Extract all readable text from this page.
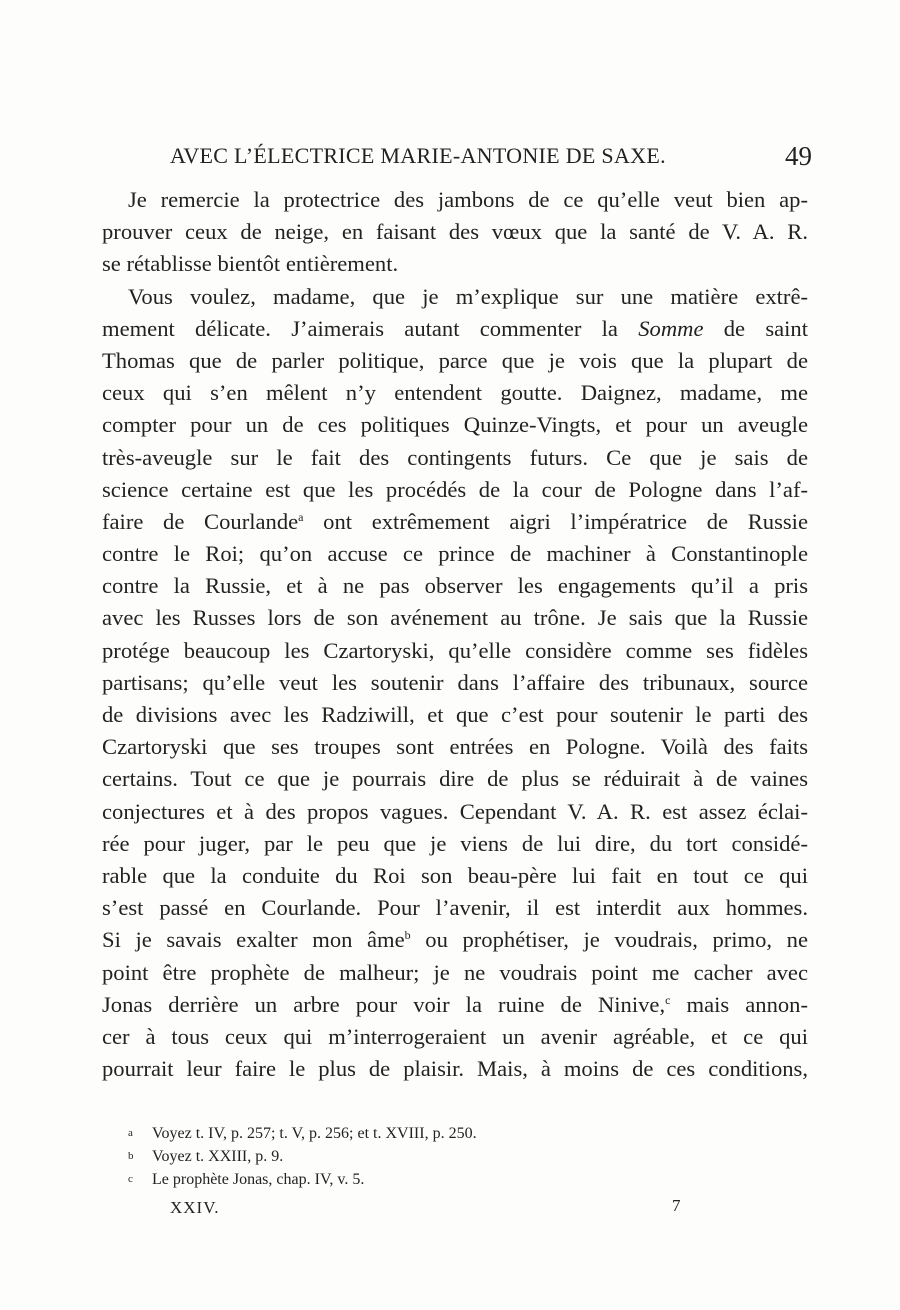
AVEC L’ÉLECTRICE MARIE-ANTONIE DE SAXE.	49
Je remercie la protectrice des jambons de ce qu’elle veut bien ap-
prouver ceux de neige, en faisant des vœux que la santé de V. A. R.
se rétablisse bientôt entièrement.
Vous voulez, madame, que je m’explique sur une matière extrê-
mement délicate. J’aimerais autant commenter la Somme de saint
Thomas que de parler politique, parce que je vois que la plupart de
ceux qui s’en mêlent n’y entendent goutte. Daignez, madame, me
compter pour un de ces politiques Quinze-Vingts, et pour un aveugle
très-aveugle sur le fait des contingents futurs. Ce que je sais de
science certaine est que les procédés de la cour de Pologne dans l’af-
faire de Courlande$^a$ ont extrêmement aigri l’impératrice de Russie
contre le Roi; qu’on accuse ce prince de machiner à Constantinople
contre la Russie, et à ne pas observer les engagements qu’il a pris
avec les Russes lors de son avénement au trône. Je sais que la Russie
protége beaucoup les Czartoryski, qu’elle considère comme ses fidèles
partisans; qu’elle veut les soutenir dans l’affaire des tribunaux, source
de divisions avec les Radziwill, et que c’est pour soutenir le parti des
Czartoryski que ses troupes sont entrées en Pologne. Voilà des faits
certains. Tout ce que je pourrais dire de plus se réduirait à de vaines
conjectures et à des propos vagues. Cependant V. A. R. est assez éclai-
rée pour juger, par le peu que je viens de lui dire, du tort considé-
rable que la conduite du Roi son beau-père lui fait en tout ce qui
s’est passé en Courlande. Pour l’avenir, il est interdit aux hommes.
Si je savais exalter mon âme$^b$ ou prophétiser, je voudrais, primo, ne
point être prophète de malheur; je ne voudrais point me cacher avec
Jonas derrière un arbre pour voir la ruine de Ninive,$^c$ mais annon-
cer à tous ceux qui m’interrogeraient un avenir agréable, et ce qui
pourrait leur faire le plus de plaisir. Mais, à moins de ces conditions,
a Voyez t. IV, p. 257; t. V, p. 256; et t. XVIII, p. 250.
b Voyez t. XXIII, p. 9.
c Le prophète Jonas, chap. IV, v. 5.
XXIV.	7
